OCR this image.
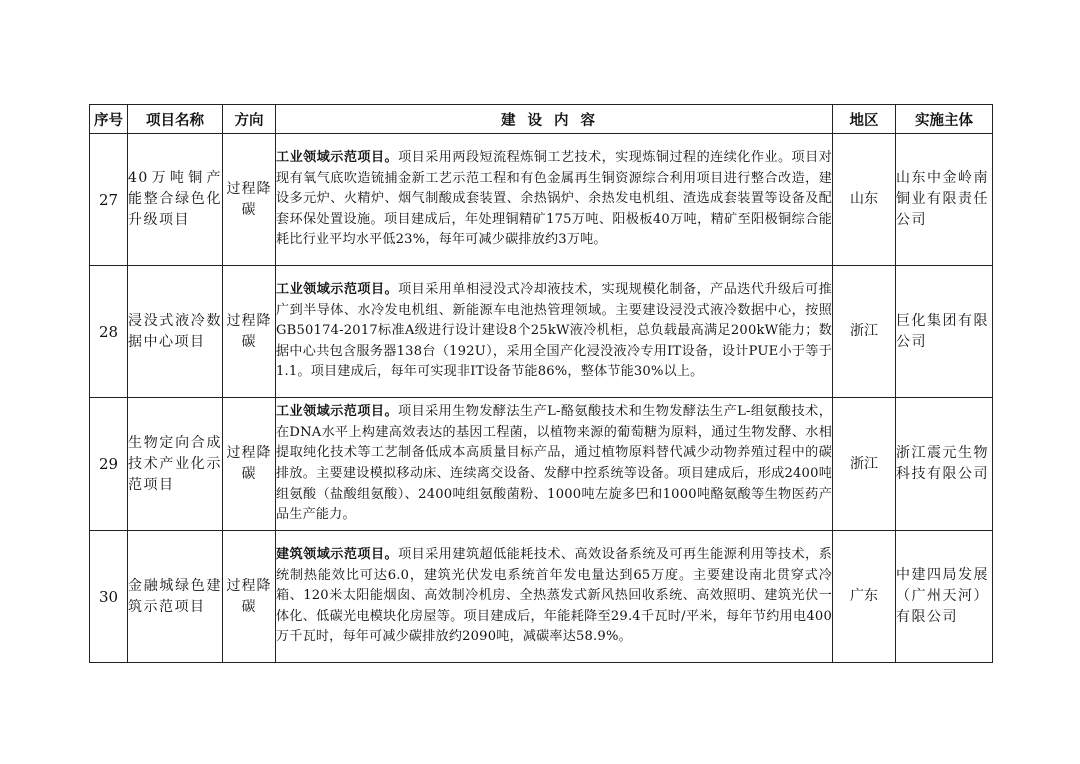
序号	项目名称	方向	建设内容	地区	实施主体
27	40万吨铜产能整合绿色化升级项目	过程降碳	工业领域示范项目。项目采用两段短流程炼铜工艺技术，实现炼铜过程的连续化作业。项目对现有氧气底吹造锍捕金新工艺示范工程和有色金属再生铜资源综合利用项目进行整合改造，建设多元炉、火精炉、烟气制酸成套装置、余热锅炉、余热发电机组、渣选成套装置等设备及配套环保处置设施。项目建成后，年处理铜精矿175万吨、阳极板40万吨，精矿至阳极铜综合能耗比行业平均水平低23%，每年可减少碳排放约3万吨。	山东	山东中金岭南铜业有限责任公司
28	浸没式液冷数据中心项目	过程降碳	工业领域示范项目。项目采用单相浸没式冷却液技术，实现规模化制备，产品迭代升级后可推广到半导体、水冷发电机组、新能源车电池热管理领域。主要建设浸没式液冷数据中心，按照GB50174-2017标准A级进行设计建设8个25kW液冷机柜，总负载最高满足200kW能力；数据中心共包含服务器138台（192U），采用全国产化浸没液冷专用IT设备，设计PUE小于等于1.1。项目建成后，每年可实现非IT设备节能86%，整体节能30%以上。	浙江	巨化集团有限公司
29	生物定向合成技术产业化示范项目	过程降碳	工业领域示范项目。项目采用生物发酵法生产L-酪氨酸技术和生物发酵法生产L-组氨酸技术，在DNA水平上构建高效表达的基因工程菌，以植物来源的葡萄糖为原料，通过生物发酵、水相提取纯化技术等工艺制备低成本高质量目标产品，通过植物原料替代减少动物养殖过程中的碳排放。主要建设模拟移动床、连续离交设备、发酵中控系统等设备。项目建成后，形成2400吨组氨酸（盐酸组氨酸）、2400吨组氨酸菌粉、1000吨左旋多巴和1000吨酪氨酸等生物医药产品生产能力。	浙江	浙江震元生物科技有限公司
30	金融城绿色建筑示范项目	过程降碳	建筑领域示范项目。项目采用建筑超低能耗技术、高效设备系统及可再生能源利用等技术，系统制热能效比可达6.0，建筑光伏发电系统首年发电量达到65万度。主要建设南北贯穿式冷箱、120米太阳能烟囱、高效制冷机房、全热蒸发式新风热回收系统、高效照明、建筑光伏一体化、低碳光电模块化房屋等。项目建成后，年能耗降至29.4千瓦时/平米，每年节约用电400万千瓦时，每年可减少碳排放约2090吨，减碳率达58.9%。	广东	中建四局发展（广州天河）有限公司
